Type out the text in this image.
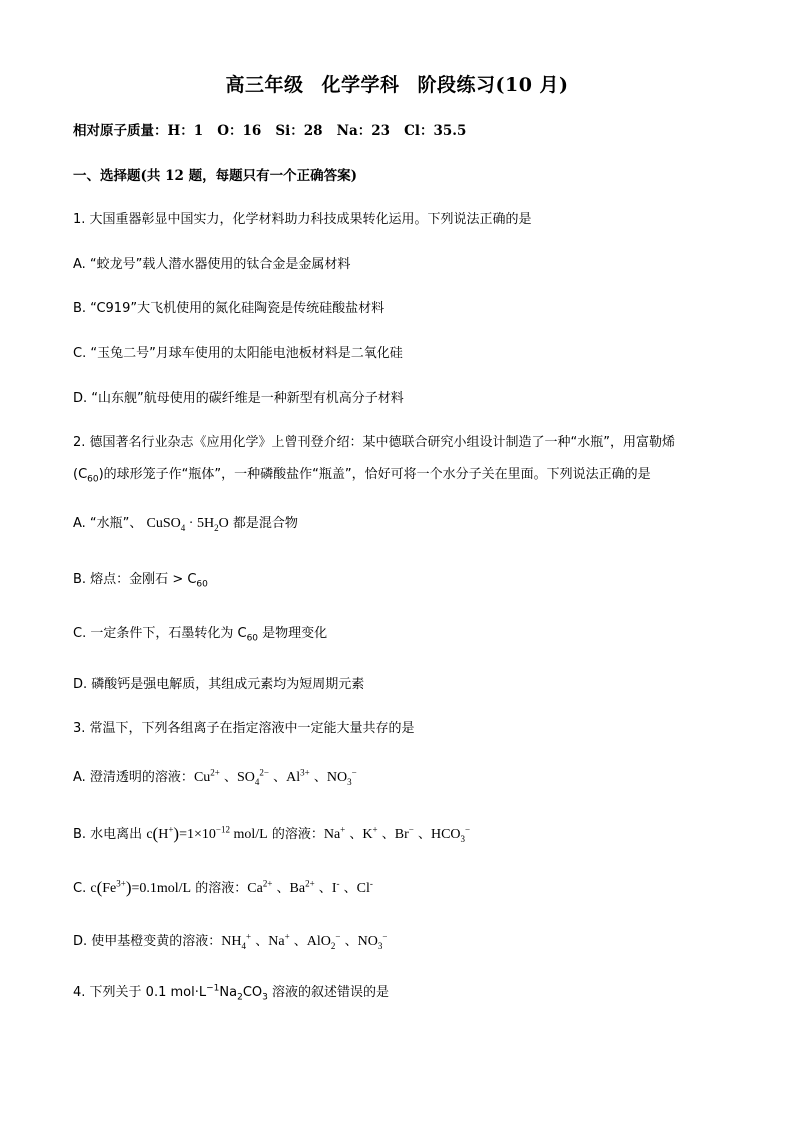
高三年级 化学学科 阶段练习(10 月)
相对原子质量：H：1   O：16   Si：28   Na：23   Cl：35.5
一、选择题(共 12 题，每题只有一个正确答案)
1. 大国重器彰显中国实力，化学材料助力科技成果转化运用。下列说法正确的是
A. “蛟龙号”载人潜水器使用的钛合金是金属材料
B. “C919”大飞机使用的氮化硅陶瓷是传统硅酸盐材料
C. “玉兔二号”月球车使用的太阳能电池板材料是二氧化硅
D. “山东舰”航母使用的碳纤维是一种新型有机高分子材料
2. 德国著名行业杂志《应用化学》上曾刊登介绍：某中德联合研究小组设计制造了一种“水瓶”，用富勒烯
$(C_{60})$的球形笼子作“瓶体”，一种磷酸盐作“瓶盖”，恰好可将一个水分子关在里面。下列说法正确的是
A. “水瓶”、 CuSO$_4$ · $5H_2O$ 都是混合物
B. 熔点：金刚石 > $C_{60}$
C. 一定条件下，石墨转化为 $C_{60}$ 是物理变化
D. 磷酸钙是强电解质，其组成元素均为短周期元素
3. 常温下，下列各组离子在指定溶液中一定能大量共存的是
A. 澄清透明的溶液：$Cu^{2+}$ 、$SO_4^{2-}$ 、$Al^{3+}$ 、$NO_3^-$
B. 水电离出 $c(H^+)=1\times 10^{-12}$ mol/L 的溶液：Na+ 、K+ 、Br− 、$HCO_3^-$
C. $c(Fe^{3+})=0.1mol/L$ 的溶液：$Ca^{2+}$ 、$Ba^{2+}$ 、I- 、Cl-
D. 使甲基橙变黄的溶液：$NH_4^+$ 、Na+ 、AlO$_2$− 、$NO_3^-$
4. 下列关于 0.1 $mol\cdot L^{-1}Na_2CO_3$ 溶液的叙述错误的是
